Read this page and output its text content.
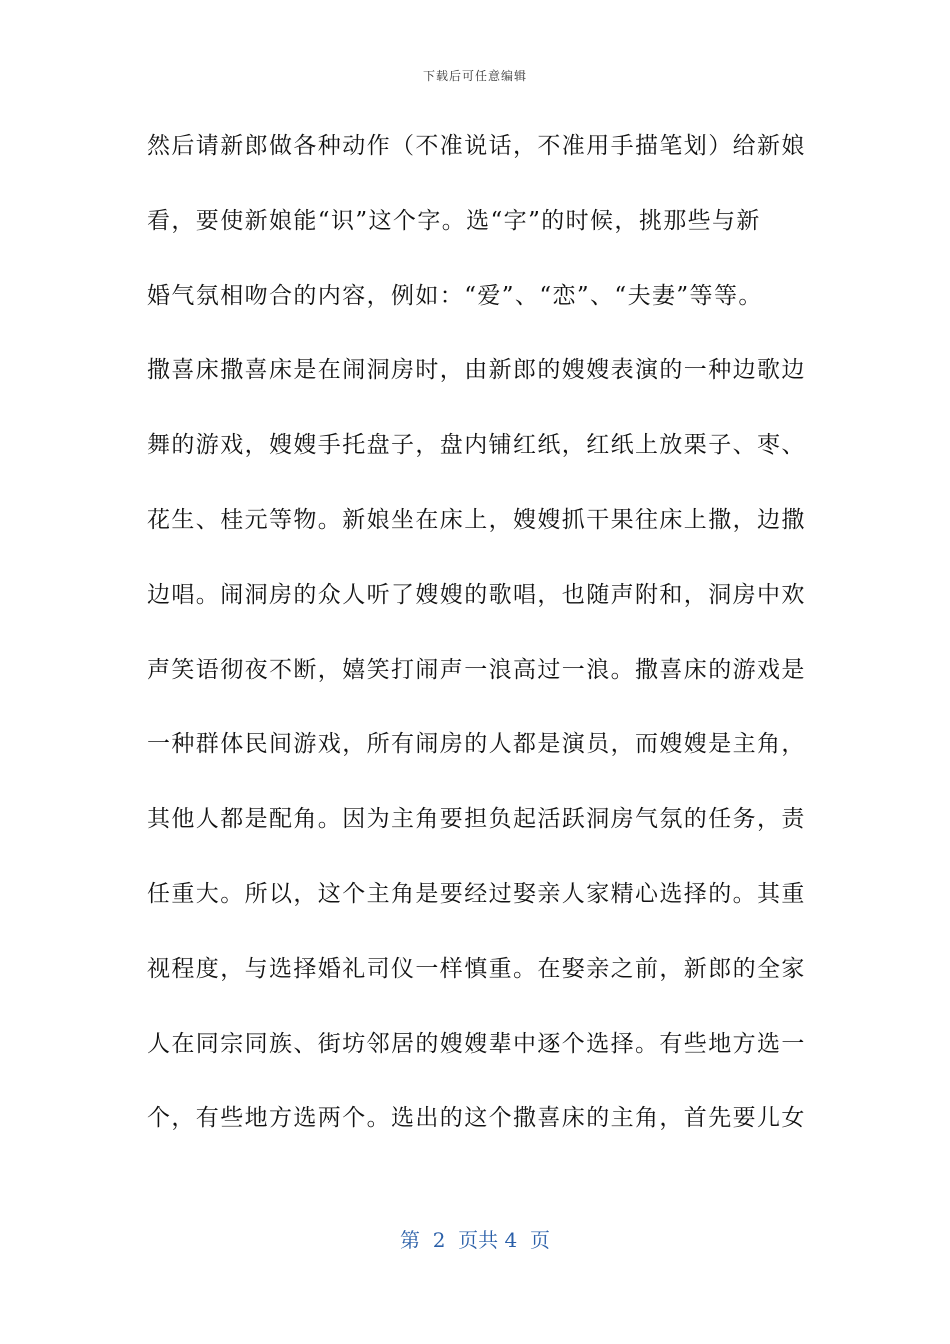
下载后可任意编辑
然后请新郎做各种动作（不准说话，不准用手描笔划）给新娘
看，要使新娘能“识”这个字。选“字”的时候，挑那些与新
婚气氛相吻合的内容，例如：“爱”、“恋”、“夫妻”等等。
撒喜床撒喜床是在闹洞房时，由新郎的嫂嫂表演的一种边歌边
舞的游戏，嫂嫂手托盘子，盘内铺红纸，红纸上放栗子、枣、
花生、桂元等物。新娘坐在床上，嫂嫂抓干果往床上撒，边撒
边唱。闹洞房的众人听了嫂嫂的歌唱，也随声附和，洞房中欢
声笑语彻夜不断，嬉笑打闹声一浪高过一浪。撒喜床的游戏是
一种群体民间游戏，所有闹房的人都是演员，而嫂嫂是主角，
其他人都是配角。因为主角要担负起活跃洞房气氛的任务，责
任重大。所以，这个主角是要经过娶亲人家精心选择的。其重
视程度，与选择婚礼司仪一样慎重。在娶亲之前，新郎的全家
人在同宗同族、街坊邻居的嫂嫂辈中逐个选择。有些地方选一
个，有些地方选两个。选出的这个撒喜床的主角，首先要儿女
第  2  页共 4  页
